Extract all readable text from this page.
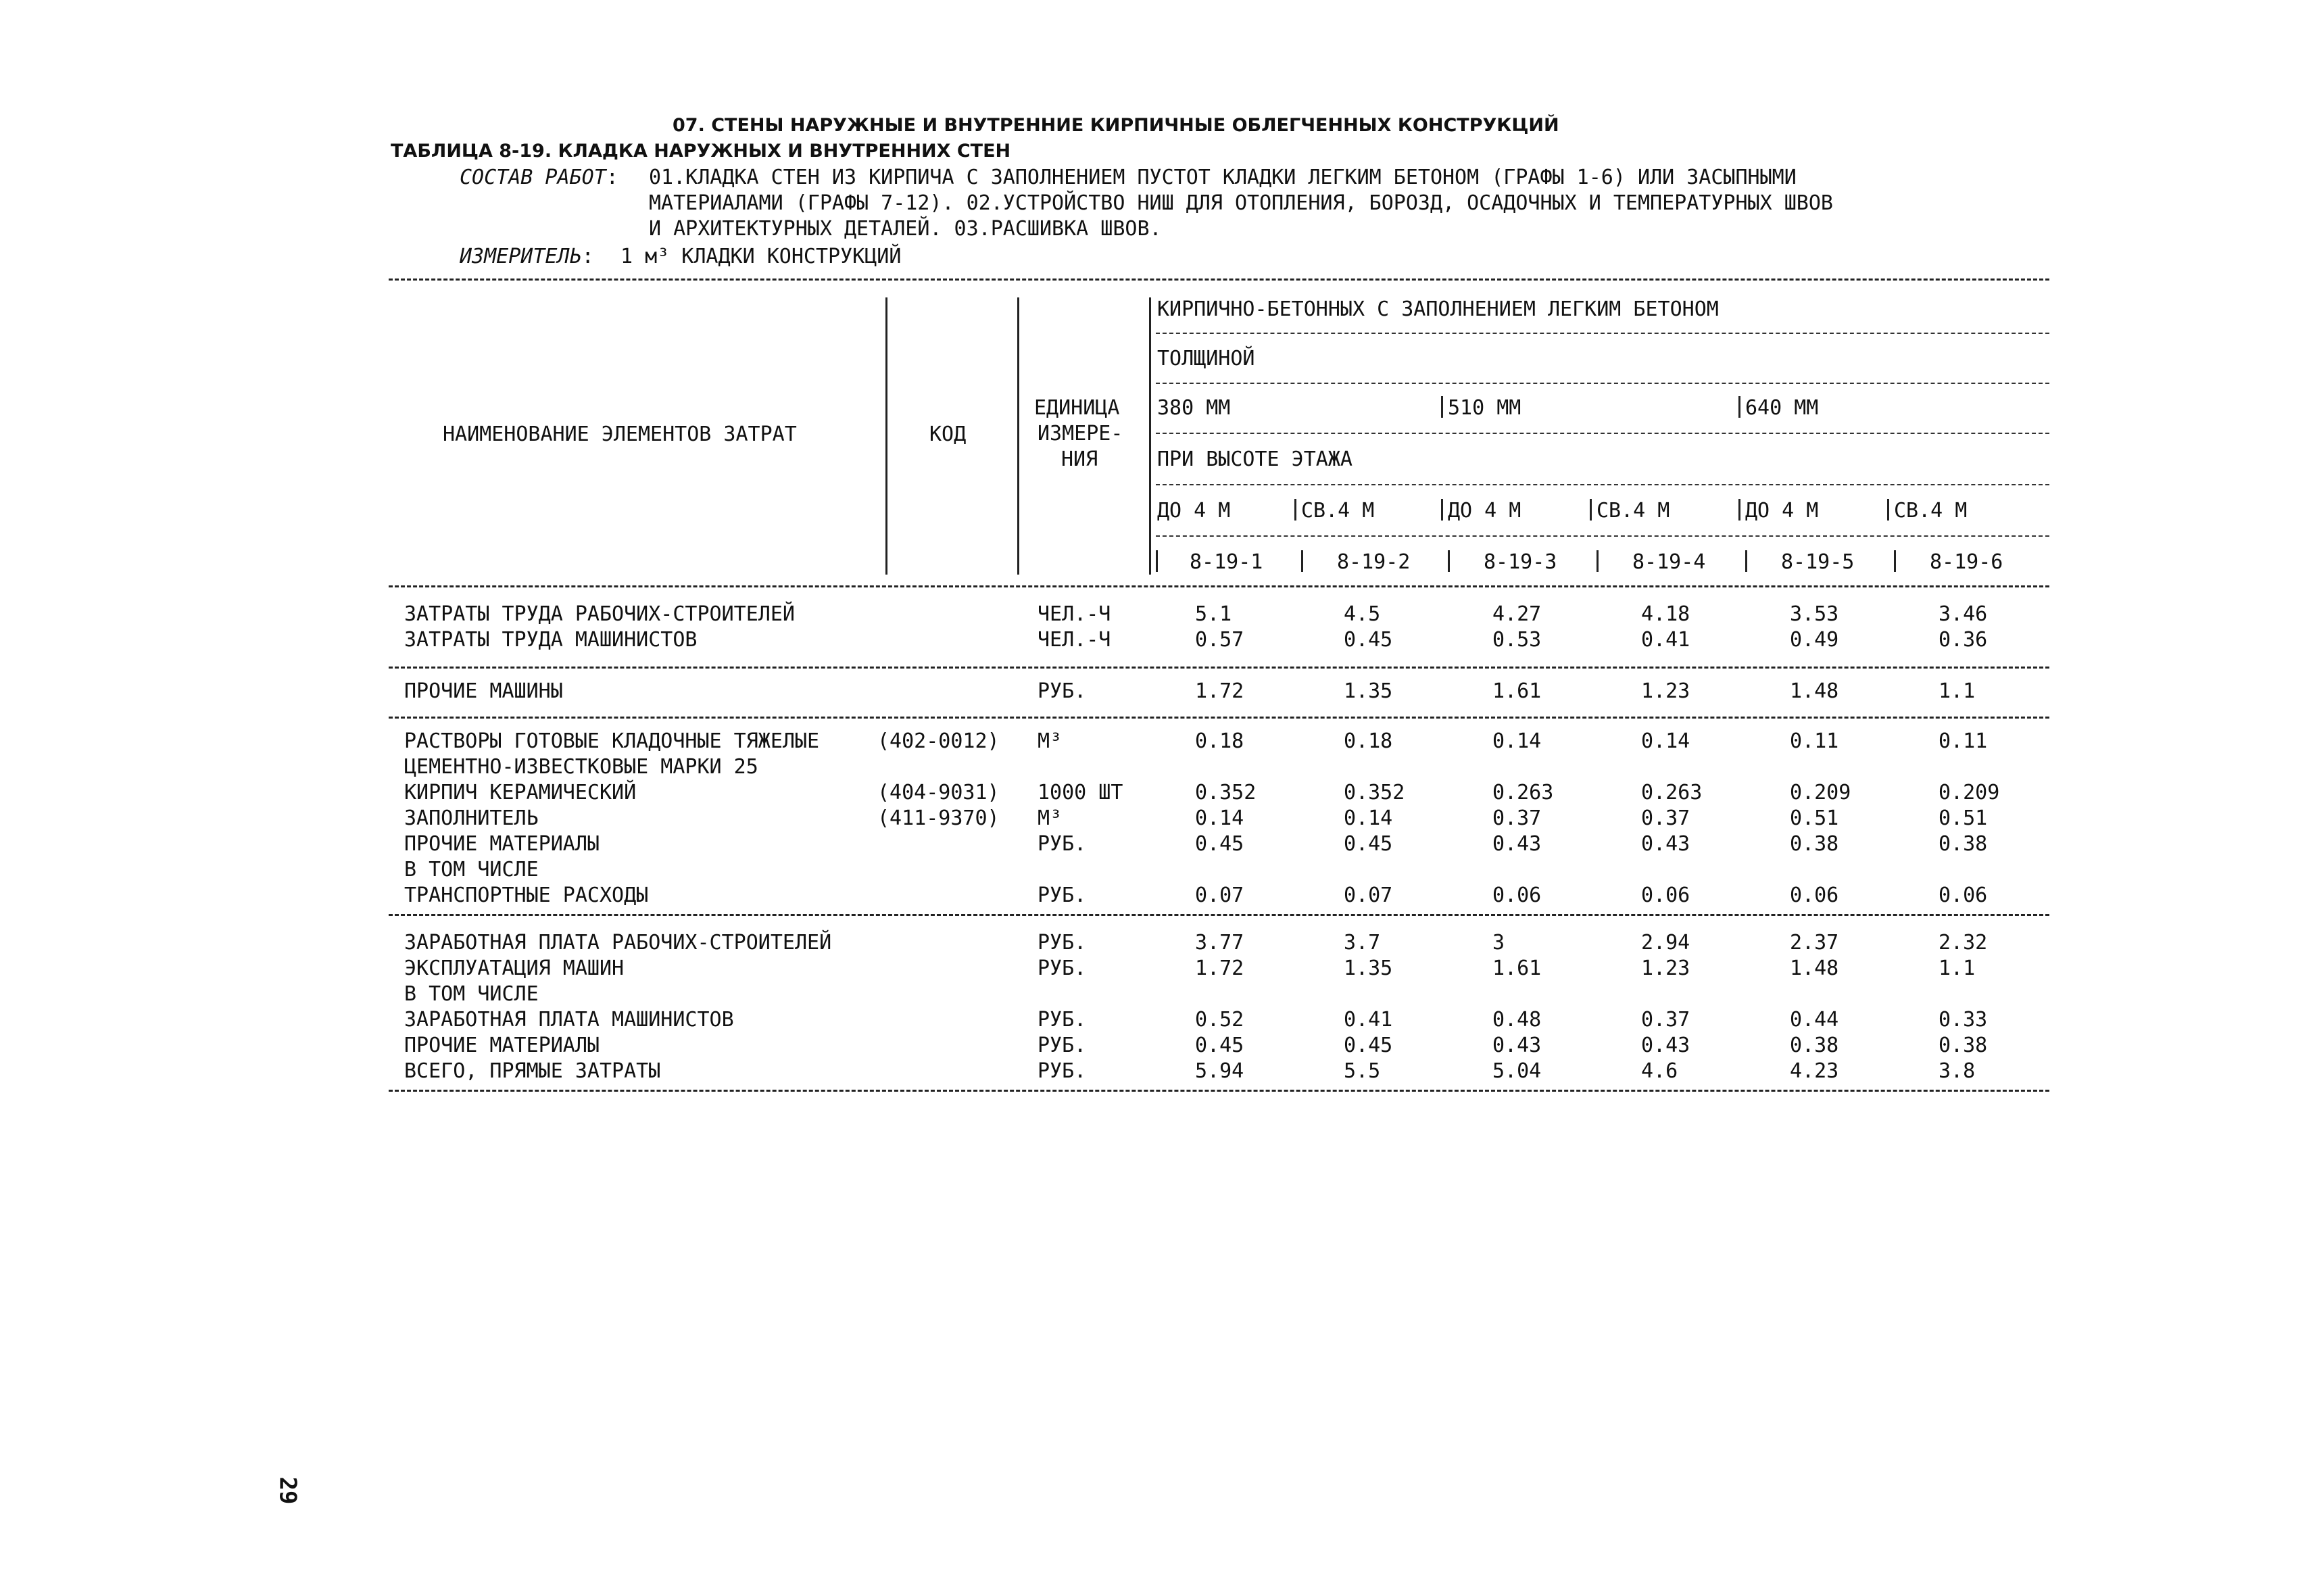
07. СТЕНЫ НАРУЖНЫЕ И ВНУТРЕННИЕ КИРПИЧНЫЕ ОБЛЕГЧЕННЫХ КОНСТРУКЦИЙ
ТАБЛИЦА 8-19. КЛАДКА НАРУЖНЫХ И ВНУТРЕННИХ СТЕН
СОСТАВ РАБОТ: 01.КЛАДКА СТЕН ИЗ КИРПИЧА С ЗАПОЛНЕНИЕМ ПУСТОТ КЛАДКИ ЛЕГКИМ БЕТОНОМ (ГРАФЫ 1-6) ИЛИ ЗАСЫПНЫМИ
МАТЕРИАЛАМИ (ГРАФЫ 7-12). 02.УСТРОЙСТВО НИШ ДЛЯ ОТОПЛЕНИЯ, БОРОЗД, ОСАДОЧНЫХ И ТЕМПЕРАТУРНЫХ ШВОВ
И АРХИТЕКТУРНЫХ ДЕТАЛЕЙ. 03.РАСШИВКА ШВОВ.
ИЗМЕРИТЕЛЬ: 1 м³ КЛАДКИ КОНСТРУКЦИЙ
НАИМЕНОВАНИЕ ЭЛЕМЕНТОВ ЗАТРАТ	КОД
ЕДИНИЦА
ИЗМЕРЕ-
НИЯ
КИРПИЧНО-БЕТОННЫХ С ЗАПОЛНЕНИЕМ ЛЕГКИМ БЕТОНОМ
ТОЛЩИНОЙ
380 ММ	510 ММ	640 ММ
ПРИ ВЫСОТЕ ЭТАЖА
ДО 4 М	СВ.4 М	ДО 4 М	СВ.4 М	ДО 4 М	СВ.4 М
8-19-1	8-19-2	8-19-3	8-19-4	8-19-5	8-19-6
ЗАТРАТЫ ТРУДА РАБОЧИХ-СТРОИТЕЛЕЙ	ЧЕЛ.-Ч	5.1	4.5	4.27	4.18	3.53	3.46
ЗАТРАТЫ ТРУДА МАШИНИСТОВ	ЧЕЛ.-Ч	0.57	0.45	0.53	0.41	0.49	0.36
ПРОЧИЕ МАШИНЫ	РУБ.	1.72	1.35	1.61	1.23	1.48	1.1
РАСТВОРЫ ГОТОВЫЕ КЛАДОЧНЫЕ ТЯЖЕЛЫЕ	(402-0012) М³	0.18	0.18	0.14	0.14	0.11	0.11
ЦЕМЕНТНО-ИЗВЕСТКОВЫЕ МАРКИ 25
КИРПИЧ КЕРАМИЧЕСКИЙ	(404-9031) 1000 ШТ	0.352	0.352	0.263	0.263	0.209	0.209
ЗАПОЛНИТЕЛЬ	(411-9370) М³	0.14	0.14	0.37	0.37	0.51	0.51
ПРОЧИЕ МАТЕРИАЛЫ	РУБ.	0.45	0.45	0.43	0.43	0.38	0.38
В ТОМ ЧИСЛЕ
ТРАНСПОРТНЫЕ РАСХОДЫ	РУБ.	0.07	0.07	0.06	0.06	0.06	0.06
ЗАРАБОТНАЯ ПЛАТА РАБОЧИХ-СТРОИТЕЛЕЙ	РУБ.	3.77	3.7	3	2.94	2.37	2.32
ЭКСПЛУАТАЦИЯ МАШИН	РУБ.	1.72	1.35	1.61	1.23	1.48	1.1
В ТОМ ЧИСЛЕ
ЗАРАБОТНАЯ ПЛАТА МАШИНИСТОВ	РУБ.	0.52	0.41	0.48	0.37	0.44	0.33
ПРОЧИЕ МАТЕРИАЛЫ	РУБ.	0.45	0.45	0.43	0.43	0.38	0.38
ВСЕГО, ПРЯМЫЕ ЗАТРАТЫ	РУБ.	5.94	5.5	5.04	4.6	4.23	3.8
29
